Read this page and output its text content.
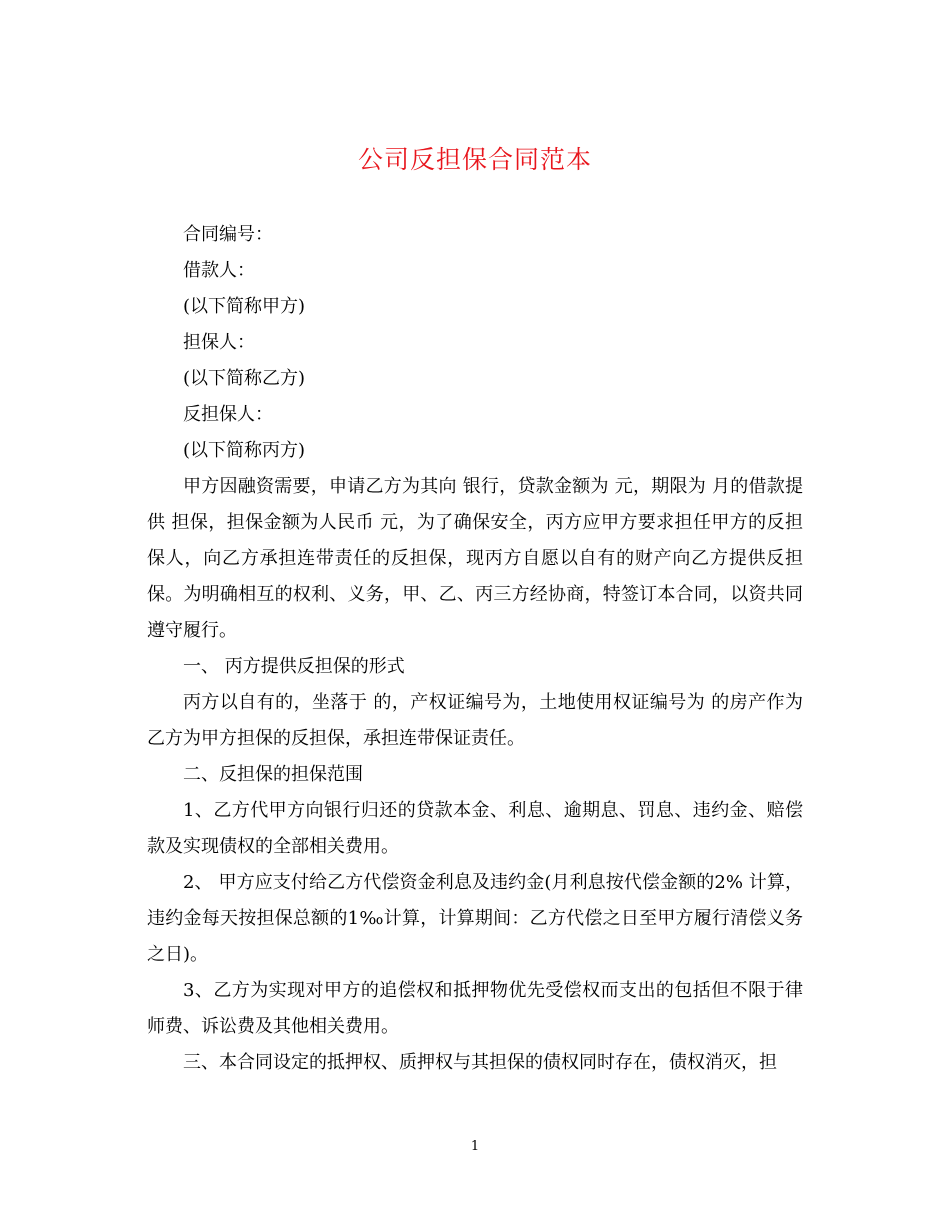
公司反担保合同范本

合同编号：

借款人：

(以下简称甲方)

担保人：

(以下简称乙方)

反担保人：

(以下简称丙方)

甲方因融资需要，申请乙方为其向 银行，贷款金额为 元，期限为 月的借款提供 担保，担保金额为人民币 元，为了确保安全，丙方应甲方要求担任甲方的反担保人，向乙方承担连带责任的反担保，现丙方自愿以自有的财产向乙方提供反担保。为明确相互的权利、义务，甲、乙、丙三方经协商，特签订本合同，以资共同遵守履行。

一、 丙方提供反担保的形式

丙方以自有的，坐落于 的，产权证编号为，土地使用权证编号为 的房产作为乙方为甲方担保的反担保，承担连带保证责任。

二、反担保的担保范围

1、乙方代甲方向银行归还的贷款本金、利息、逾期息、罚息、违约金、赔偿款及实现债权的全部相关费用。

2、 甲方应支付给乙方代偿资金利息及违约金(月利息按代偿金额的2% 计算，违约金每天按担保总额的1‰计算，计算期间：乙方代偿之日至甲方履行清偿义务之日)。

3、乙方为实现对甲方的追偿权和抵押物优先受偿权而支出的包括但不限于律师费、诉讼费及其他相关费用。

三、本合同设定的抵押权、质押权与其担保的债权同时存在，债权消灭，担

1
